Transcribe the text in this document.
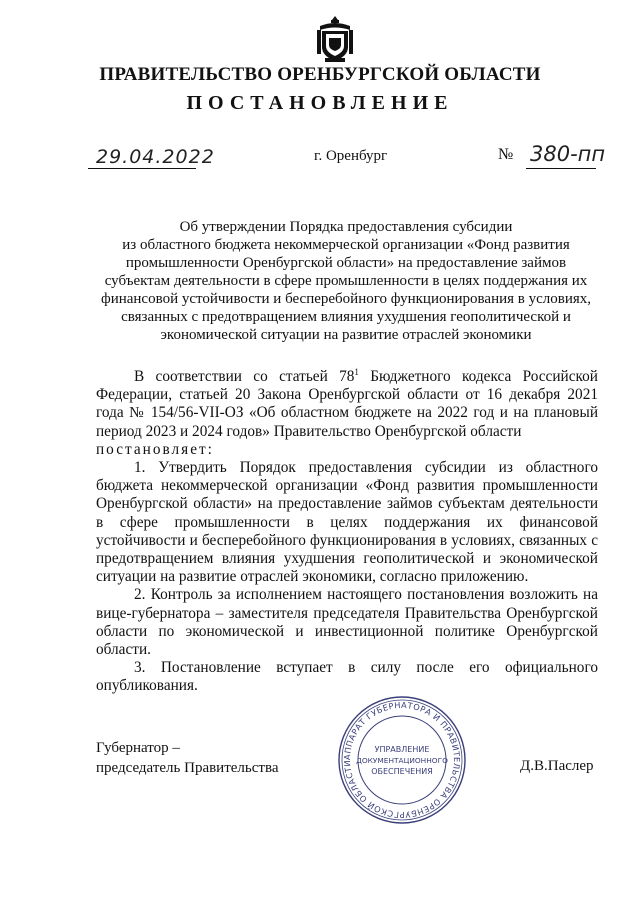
ПРАВИТЕЛЬСТВО ОРЕНБУРГСКОЙ ОБЛАСТИ
ПОСТАНОВЛЕНИЕ
29.04.2022	г. Оренбург	№ 380-пп
Об утверждении Порядка предоставления субсидии
из областного бюджета некоммерческой организации «Фонд развития
промышленности Оренбургской области» на предоставление займов
субъектам деятельности в сфере промышленности в целях поддержания их
финансовой устойчивости и бесперебойного функционирования в условиях,
связанных с предотвращением влияния ухудшения геополитической и
экономической ситуации на развитие отраслей экономики

В соответствии со статьей $78^1$ Бюджетного кодекса Российской Федерации, статьей 20 Закона Оренбургской области от 16 декабря 2021 года № 154/56-VII-ОЗ «Об областном бюджете на 2022 год и на плановый период 2023 и 2024 годов» Правительство Оренбургской области

постановляет:

1. Утвердить Порядок предоставления субсидии из областного бюджета некоммерческой организации «Фонд развития промышленности Оренбургской области» на предоставление займов субъектам деятельности в сфере промышленности в целях поддержания их финансовой устойчивости и бесперебойного функционирования в условиях, связанных с предотвращением влияния ухудшения геополитической и экономической ситуации на развитие отраслей экономики, согласно приложению.

2. Контроль за исполнением настоящего постановления возложить на вице-губернатора – заместителя председателя Правительства Оренбургской области по экономической и инвестиционной политике Оренбургской области.

3. Постановление вступает в силу после его официального опубликования.

Губернатор –
председатель Правительства	Д.В.Паслер
АППАРАТ ГУБЕРНАТОРА И ПРАВИТЕЛЬСТВА ОРЕНБУРГСКОЙ ОБЛАСТИ
УПРАВЛЕНИЕ
ДОКУМЕНТАЦИОННОГО
ОБЕСПЕЧЕНИЯ
